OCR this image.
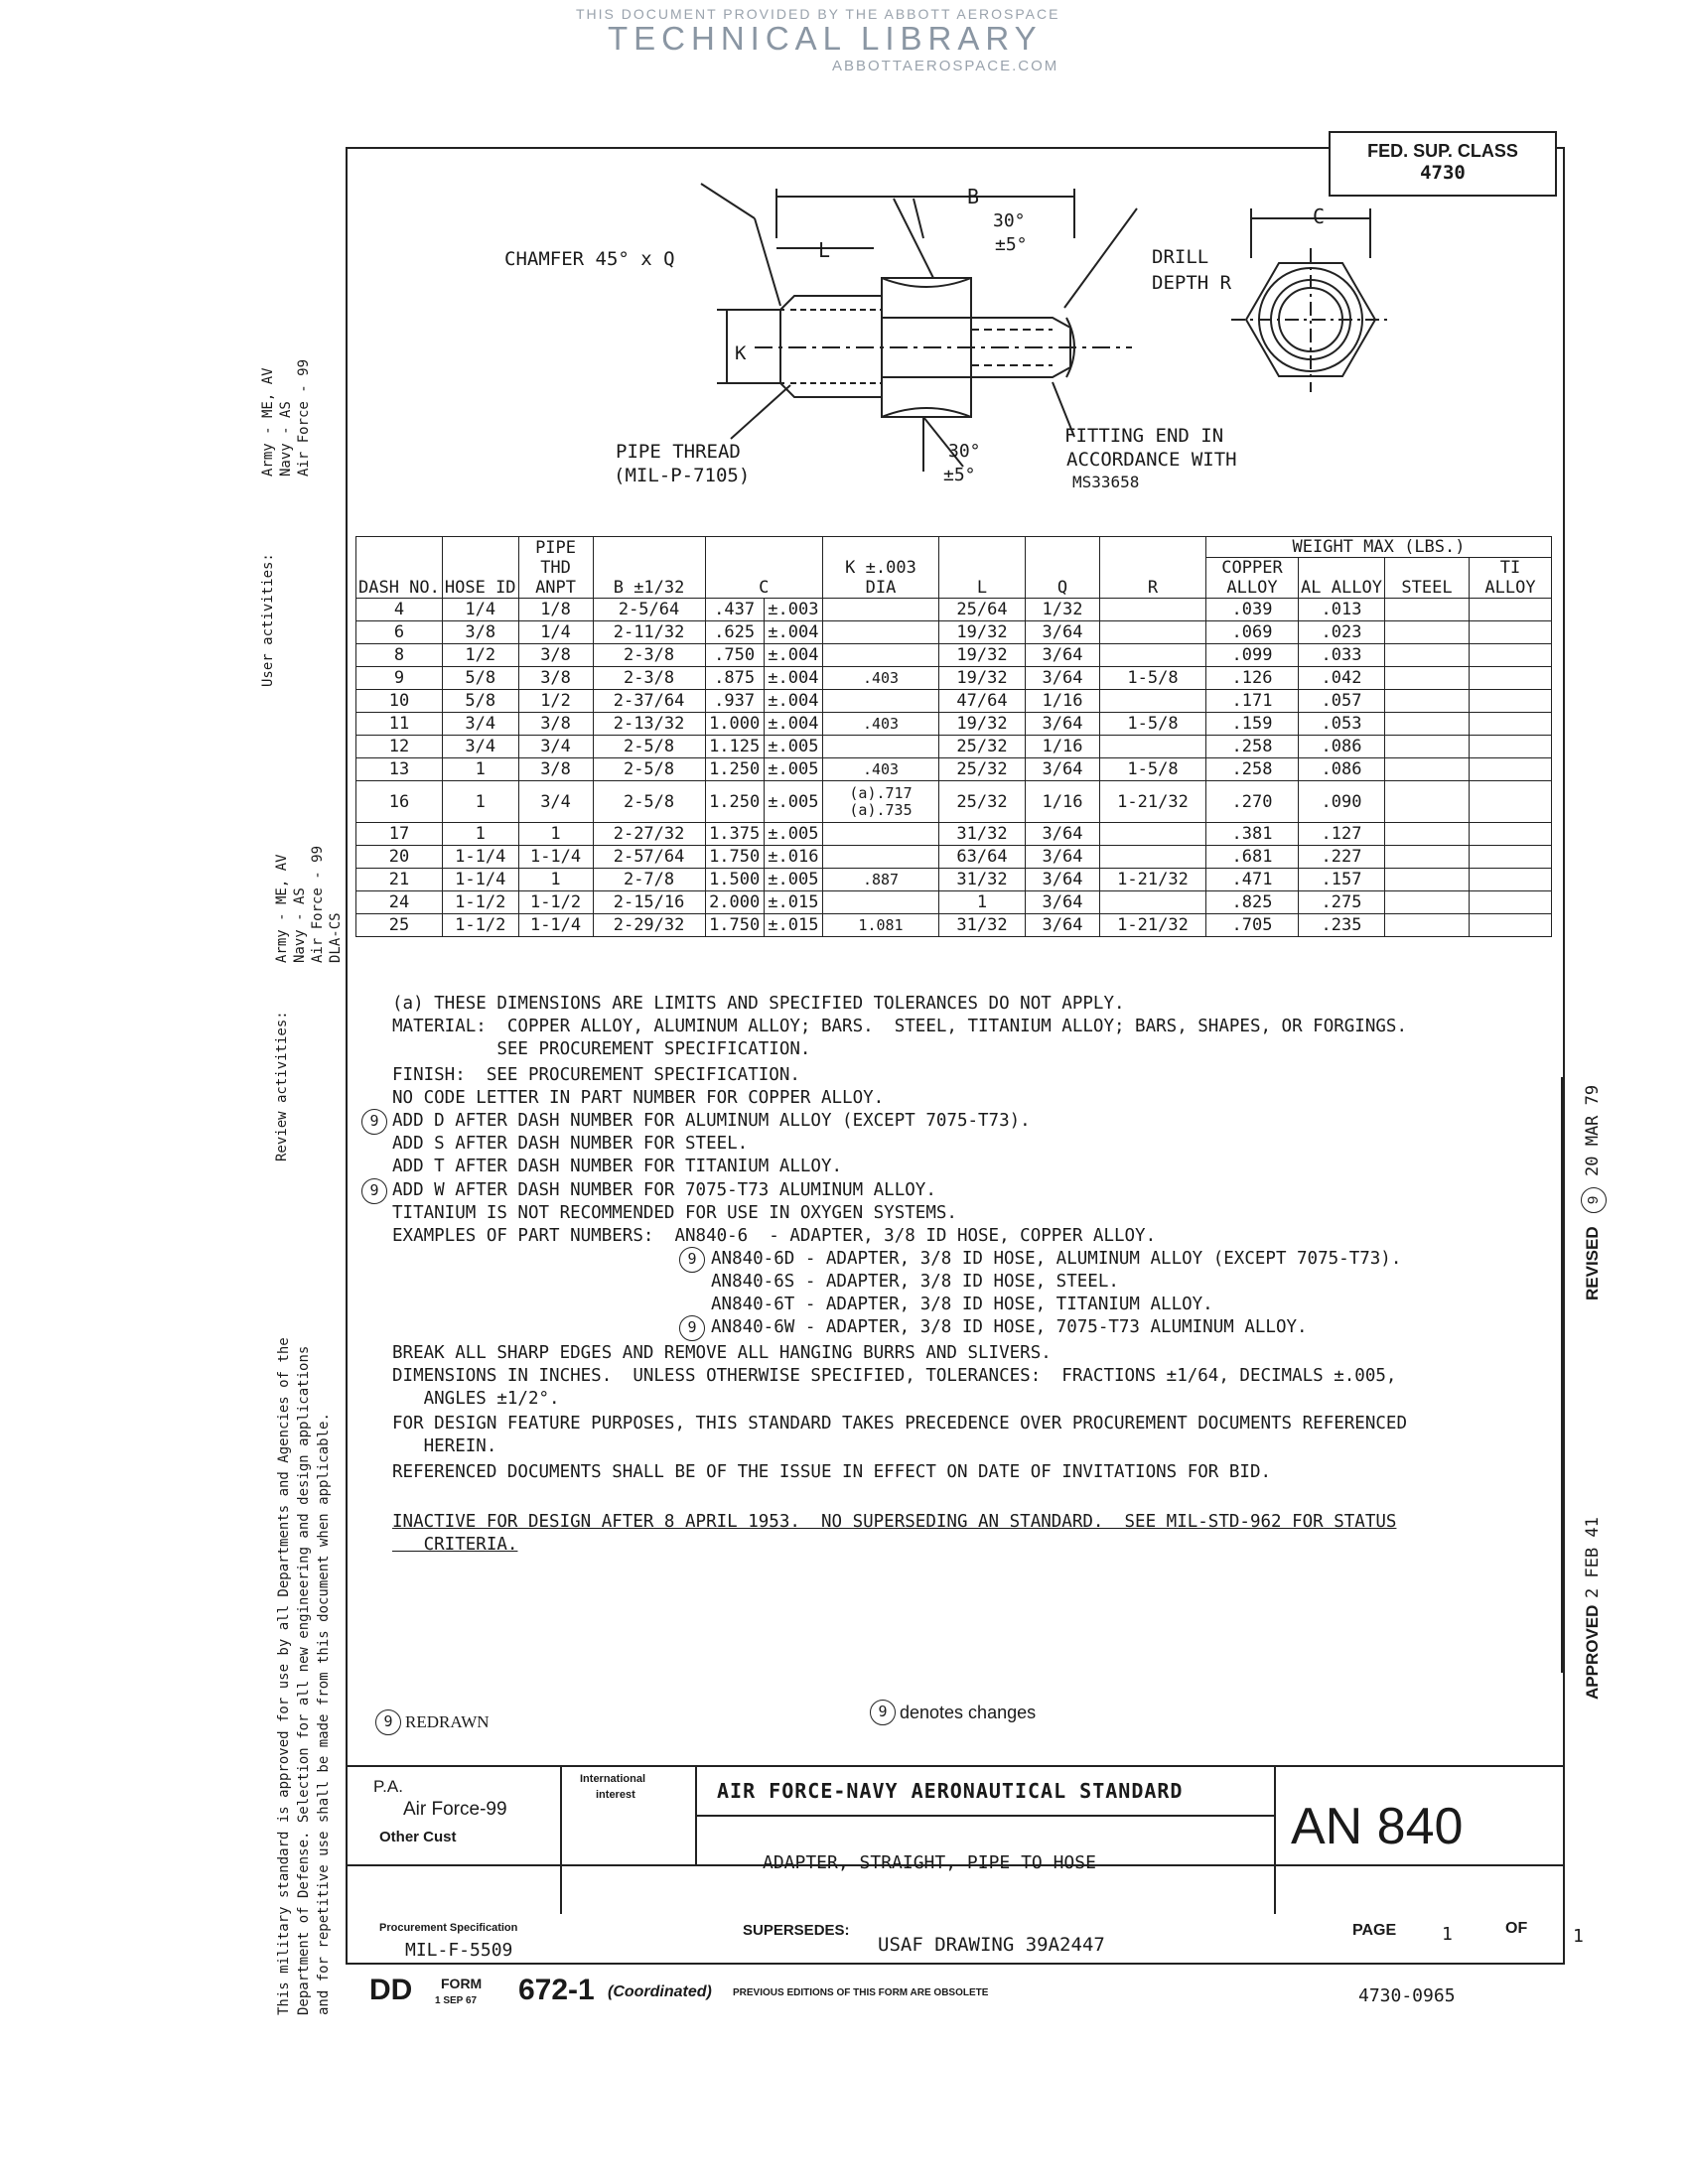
THIS DOCUMENT PROVIDED BY THE ABBOTT AEROSPACE
TECHNICAL LIBRARY
ABBOTTAEROSPACE.COM
FED. SUP. CLASS
4730
CHAMFER 45° x Q
B
L
C
K
30°
±5°
DRILL
DEPTH R
PIPE THREAD
(MIL-P-7105)
30°
±5°
FITTING END IN
ACCORDANCE WITH
MS33658
User activities:
Army - ME, AV Navy - AS Air Force - 99
Review activities:
Army - ME, AV Navy - AS Air Force - 99 DLA-CS
This military standard is approved for use by all Departments and Agencies of the Department of Defense. Selection for all new engineering and design applications and for repetitive use shall be made from this document when applicable.
REVISED
9
20 MAR 79
APPROVED
2 FEB 41
DASH NO.	HOSE ID	PIPE THD ANPT	B ±1/32	C		K ±.003 DIA	L	Q	R	WEIGHT MAX (LBS.)			
										COPPER ALLOY	AL ALLOY	STEEL	TI ALLOY
4	1/4	1/8	2-5/64	.437	±.003		25/64	1/32		.039	.013		
6	3/8	1/4	2-11/32	.625	±.004		19/32	3/64		.069	.023		
8	1/2	3/8	2-3/8	.750	±.004		19/32	3/64		.099	.033		
9	5/8	3/8	2-3/8	.875	±.004	.403	19/32	3/64	1-5/8	.126	.042		
10	5/8	1/2	2-37/64	.937	±.004		47/64	1/16		.171	.057		
11	3/4	3/8	2-13/32	1.000	±.004	.403	19/32	3/64	1-5/8	.159	.053		
12	3/4	3/4	2-5/8	1.125	±.005		25/32	1/16		.258	.086		
13	1	3/8	2-5/8	1.250	±.005	.403	25/32	3/64	1-5/8	.258	.086		
16	1	3/4	2-5/8	1.250	±.005	(a).717 (a).735	25/32	1/16	1-21/32	.270	.090		
17	1	1	2-27/32	1.375	±.005		31/32	3/64		.381	.127		
20	1-1/4	1-1/4	2-57/64	1.750	±.016		63/64	3/64		.681	.227		
21	1-1/4	1	2-7/8	1.500	±.005	.887	31/32	3/64	1-21/32	.471	.157		
24	1-1/2	1-1/2	2-15/16	2.000	±.015		1	3/64		.825	.275		
25	1-1/2	1-1/4	2-29/32	1.750	±.015	1.081	31/32	3/64	1-21/32	.705	.235		
(a) THESE DIMENSIONS ARE LIMITS AND SPECIFIED TOLERANCES DO NOT APPLY.
MATERIAL:  COPPER ALLOY, ALUMINUM ALLOY; BARS.  STEEL, TITANIUM ALLOY; BARS, SHAPES, OR FORGINGS.
SEE PROCUREMENT SPECIFICATION.
FINISH:  SEE PROCUREMENT SPECIFICATION.
NO CODE LETTER IN PART NUMBER FOR COPPER ALLOY.
9 ADD D AFTER DASH NUMBER FOR ALUMINUM ALLOY (EXCEPT 7075-T73).
ADD S AFTER DASH NUMBER FOR STEEL.
ADD T AFTER DASH NUMBER FOR TITANIUM ALLOY.
9 ADD W AFTER DASH NUMBER FOR 7075-T73 ALUMINUM ALLOY.
TITANIUM IS NOT RECOMMENDED FOR USE IN OXYGEN SYSTEMS.
EXAMPLES OF PART NUMBERS:  AN840-6  - ADAPTER, 3/8 ID HOSE, COPPER ALLOY.
9 AN840-6D - ADAPTER, 3/8 ID HOSE, ALUMINUM ALLOY (EXCEPT 7075-T73).
AN840-6S - ADAPTER, 3/8 ID HOSE, STEEL.
AN840-6T - ADAPTER, 3/8 ID HOSE, TITANIUM ALLOY.
9 AN840-6W - ADAPTER, 3/8 ID HOSE, 7075-T73 ALUMINUM ALLOY.
BREAK ALL SHARP EDGES AND REMOVE ALL HANGING BURRS AND SLIVERS.
DIMENSIONS IN INCHES.  UNLESS OTHERWISE SPECIFIED, TOLERANCES:  FRACTIONS ±1/64, DECIMALS ±.005,
ANGLES ±1/2°.
FOR DESIGN FEATURE PURPOSES, THIS STANDARD TAKES PRECEDENCE OVER PROCUREMENT DOCUMENTS REFERENCED
HEREIN.
REFERENCED DOCUMENTS SHALL BE OF THE ISSUE IN EFFECT ON DATE OF INVITATIONS FOR BID.
INACTIVE FOR DESIGN AFTER 8 APRIL 1953.  NO SUPERSEDING AN STANDARD.  SEE MIL-STD-962 FOR STATUS
CRITERIA.
9 REDRAWN
9 denotes changes
P.A.
Air Force-99
Other Cust
International
interest	AIR FORCE-NAVY AERONAUTICAL STANDARD
ADAPTER, STRAIGHT, PIPE TO HOSE
AN 840
Procurement Specification
MIL-F-5509
SUPERSEDES:
USAF DRAWING 39A2447
PAGE	1	OF	1
DD FORM
1 SEP 67 672-1 (Coordinated) PREVIOUS EDITIONS OF THIS FORM ARE OBSOLETE	4730-0965
